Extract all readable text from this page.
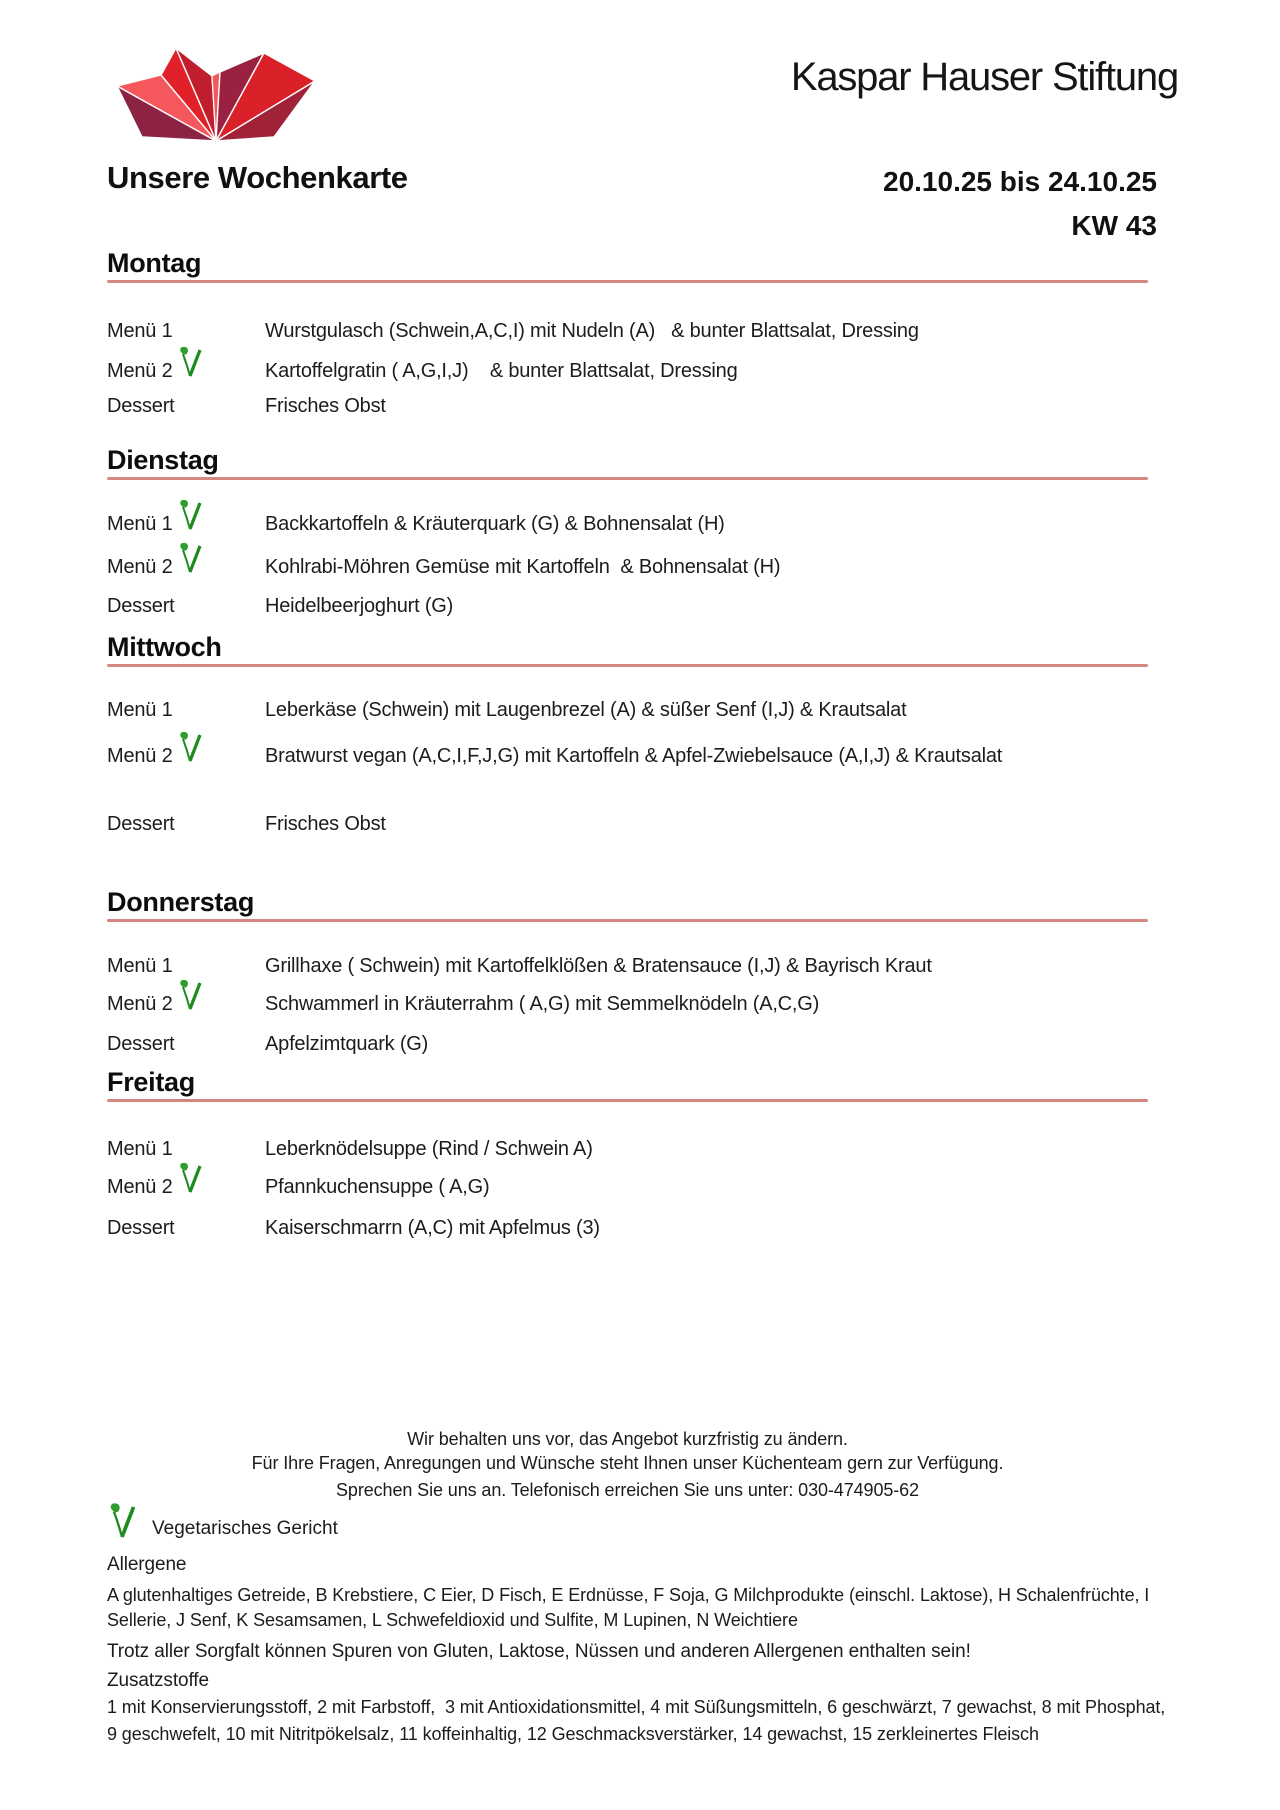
Kaspar Hauser Stiftung
Unsere Wochenkarte	20.10.25 bis 24.10.25
KW 43
Montag
Menü 1	Wurstgulasch (Schwein,A,C,I) mit Nudeln (A)   & bunter Blattsalat, Dressing
Menü 2	Kartoffelgratin ( A,G,I,J)    & bunter Blattsalat, Dressing
Dessert	Frisches Obst
Dienstag
Menü 1	Backkartoffeln & Kräuterquark (G) & Bohnensalat (H)
Menü 2	Kohlrabi-Möhren Gemüse mit Kartoffeln  & Bohnensalat (H)
Dessert	Heidelbeerjoghurt (G)
Mittwoch
Menü 1	Leberkäse (Schwein) mit Laugenbrezel (A) & süßer Senf (I,J) & Krautsalat
Menü 2	Bratwurst vegan (A,C,I,F,J,G) mit Kartoffeln & Apfel-Zwiebelsauce (A,I,J) & Krautsalat
Dessert	Frisches Obst
Donnerstag
Menü 1	Grillhaxe ( Schwein) mit Kartoffelklößen & Bratensauce (I,J) & Bayrisch Kraut
Menü 2	Schwammerl in Kräuterrahm ( A,G) mit Semmelknödeln (A,C,G)
Dessert	Apfelzimtquark (G)
Freitag
Menü 1	Leberknödelsuppe (Rind / Schwein A)
Menü 2	Pfannkuchensuppe ( A,G)
Dessert	Kaiserschmarrn (A,C) mit Apfelmus (3)
Wir behalten uns vor, das Angebot kurzfristig zu ändern.
Für Ihre Fragen, Anregungen und Wünsche steht Ihnen unser Küchenteam gern zur Verfügung.
Sprechen Sie uns an. Telefonisch erreichen Sie uns unter: 030-474905-62
Vegetarisches Gericht
Allergene
A glutenhaltiges Getreide, B Krebstiere, C Eier, D Fisch, E Erdnüsse, F Soja, G Milchprodukte (einschl. Laktose), H Schalenfrüchte, I
Sellerie, J Senf, K Sesamsamen, L Schwefeldioxid und Sulfite, M Lupinen, N Weichtiere
Trotz aller Sorgfalt können Spuren von Gluten, Laktose, Nüssen und anderen Allergenen enthalten sein!
Zusatzstoffe
1 mit Konservierungsstoff, 2 mit Farbstoff,  3 mit Antioxidationsmittel, 4 mit Süßungsmitteln, 6 geschwärzt, 7 gewachst, 8 mit Phosphat,
9 geschwefelt, 10 mit Nitritpökelsalz, 11 koffeinhaltig, 12 Geschmacksverstärker, 14 gewachst, 15 zerkleinertes Fleisch
